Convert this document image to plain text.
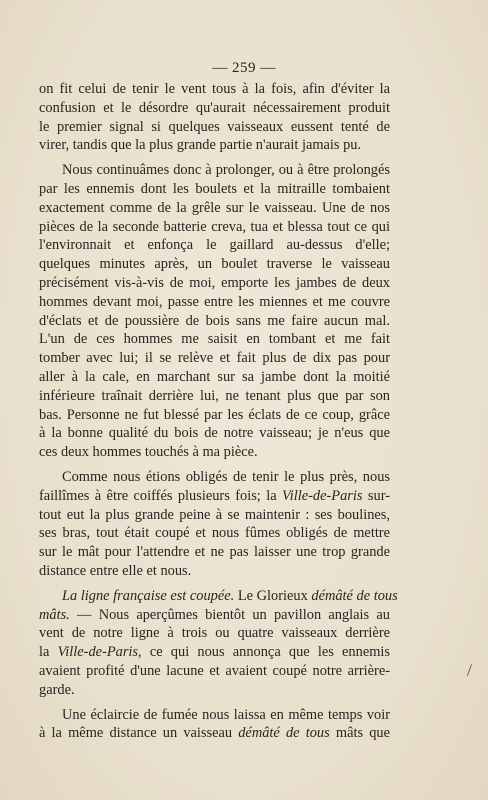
— 259 —
on fit celui de tenir le vent tous à la fois, afin d'éviter la
confusion et le désordre qu'aurait nécessairement produit
le premier signal si quelques vaisseaux eussent tenté de
virer, tandis que la plus grande partie n'aurait jamais pu.
Nous continuâmes donc à prolonger, ou à être prolongés
par les ennemis dont les boulets et la mitraille tombaient
exactement comme de la grêle sur le vaisseau. Une de nos
pièces de la seconde batterie creva, tua et blessa tout ce qui
l'environnait et enfonça le gaillard au-dessus d'elle;
quelques minutes après, un boulet traverse le vaisseau
précisément vis-à-vis de moi, emporte les jambes de deux
hommes devant moi, passe entre les miennes et me couvre
d'éclats et de poussière de bois sans me faire aucun mal.
L'un de ces hommes me saisit en tombant et me fait
tomber avec lui; il se relève et fait plus de dix pas pour
aller à la cale, en marchant sur sa jambe dont la moitié
inférieure traînait derrière lui, ne tenant plus que par son
bas. Personne ne fut blessé par les éclats de ce coup, grâce
à la bonne qualité du bois de notre vaisseau; je n'eus que
ces deux hommes touchés à ma pièce.
Comme nous étions obligés de tenir le plus près, nous
faillîmes à être coiffés plusieurs fois; la Ville-de-Paris sur-
tout eut la plus grande peine à se maintenir : ses boulines,
ses bras, tout était coupé et nous fûmes obligés de mettre
sur le mât pour l'attendre et ne pas laisser une trop grande
distance entre elle et nous.
La ligne française est coupée. Le Glorieux démâté de tous
mâts. — Nous aperçûmes bientôt un pavillon anglais au
vent de notre ligne à trois ou quatre vaisseaux derrière
la Ville-de-Paris, ce qui nous annonça que les ennemis
avaient profité d'une lacune et avaient coupé notre arrière-
garde.
Une éclaircie de fumée nous laissa en même temps voir
à la même distance un vaisseau démâté de tous mâts que
